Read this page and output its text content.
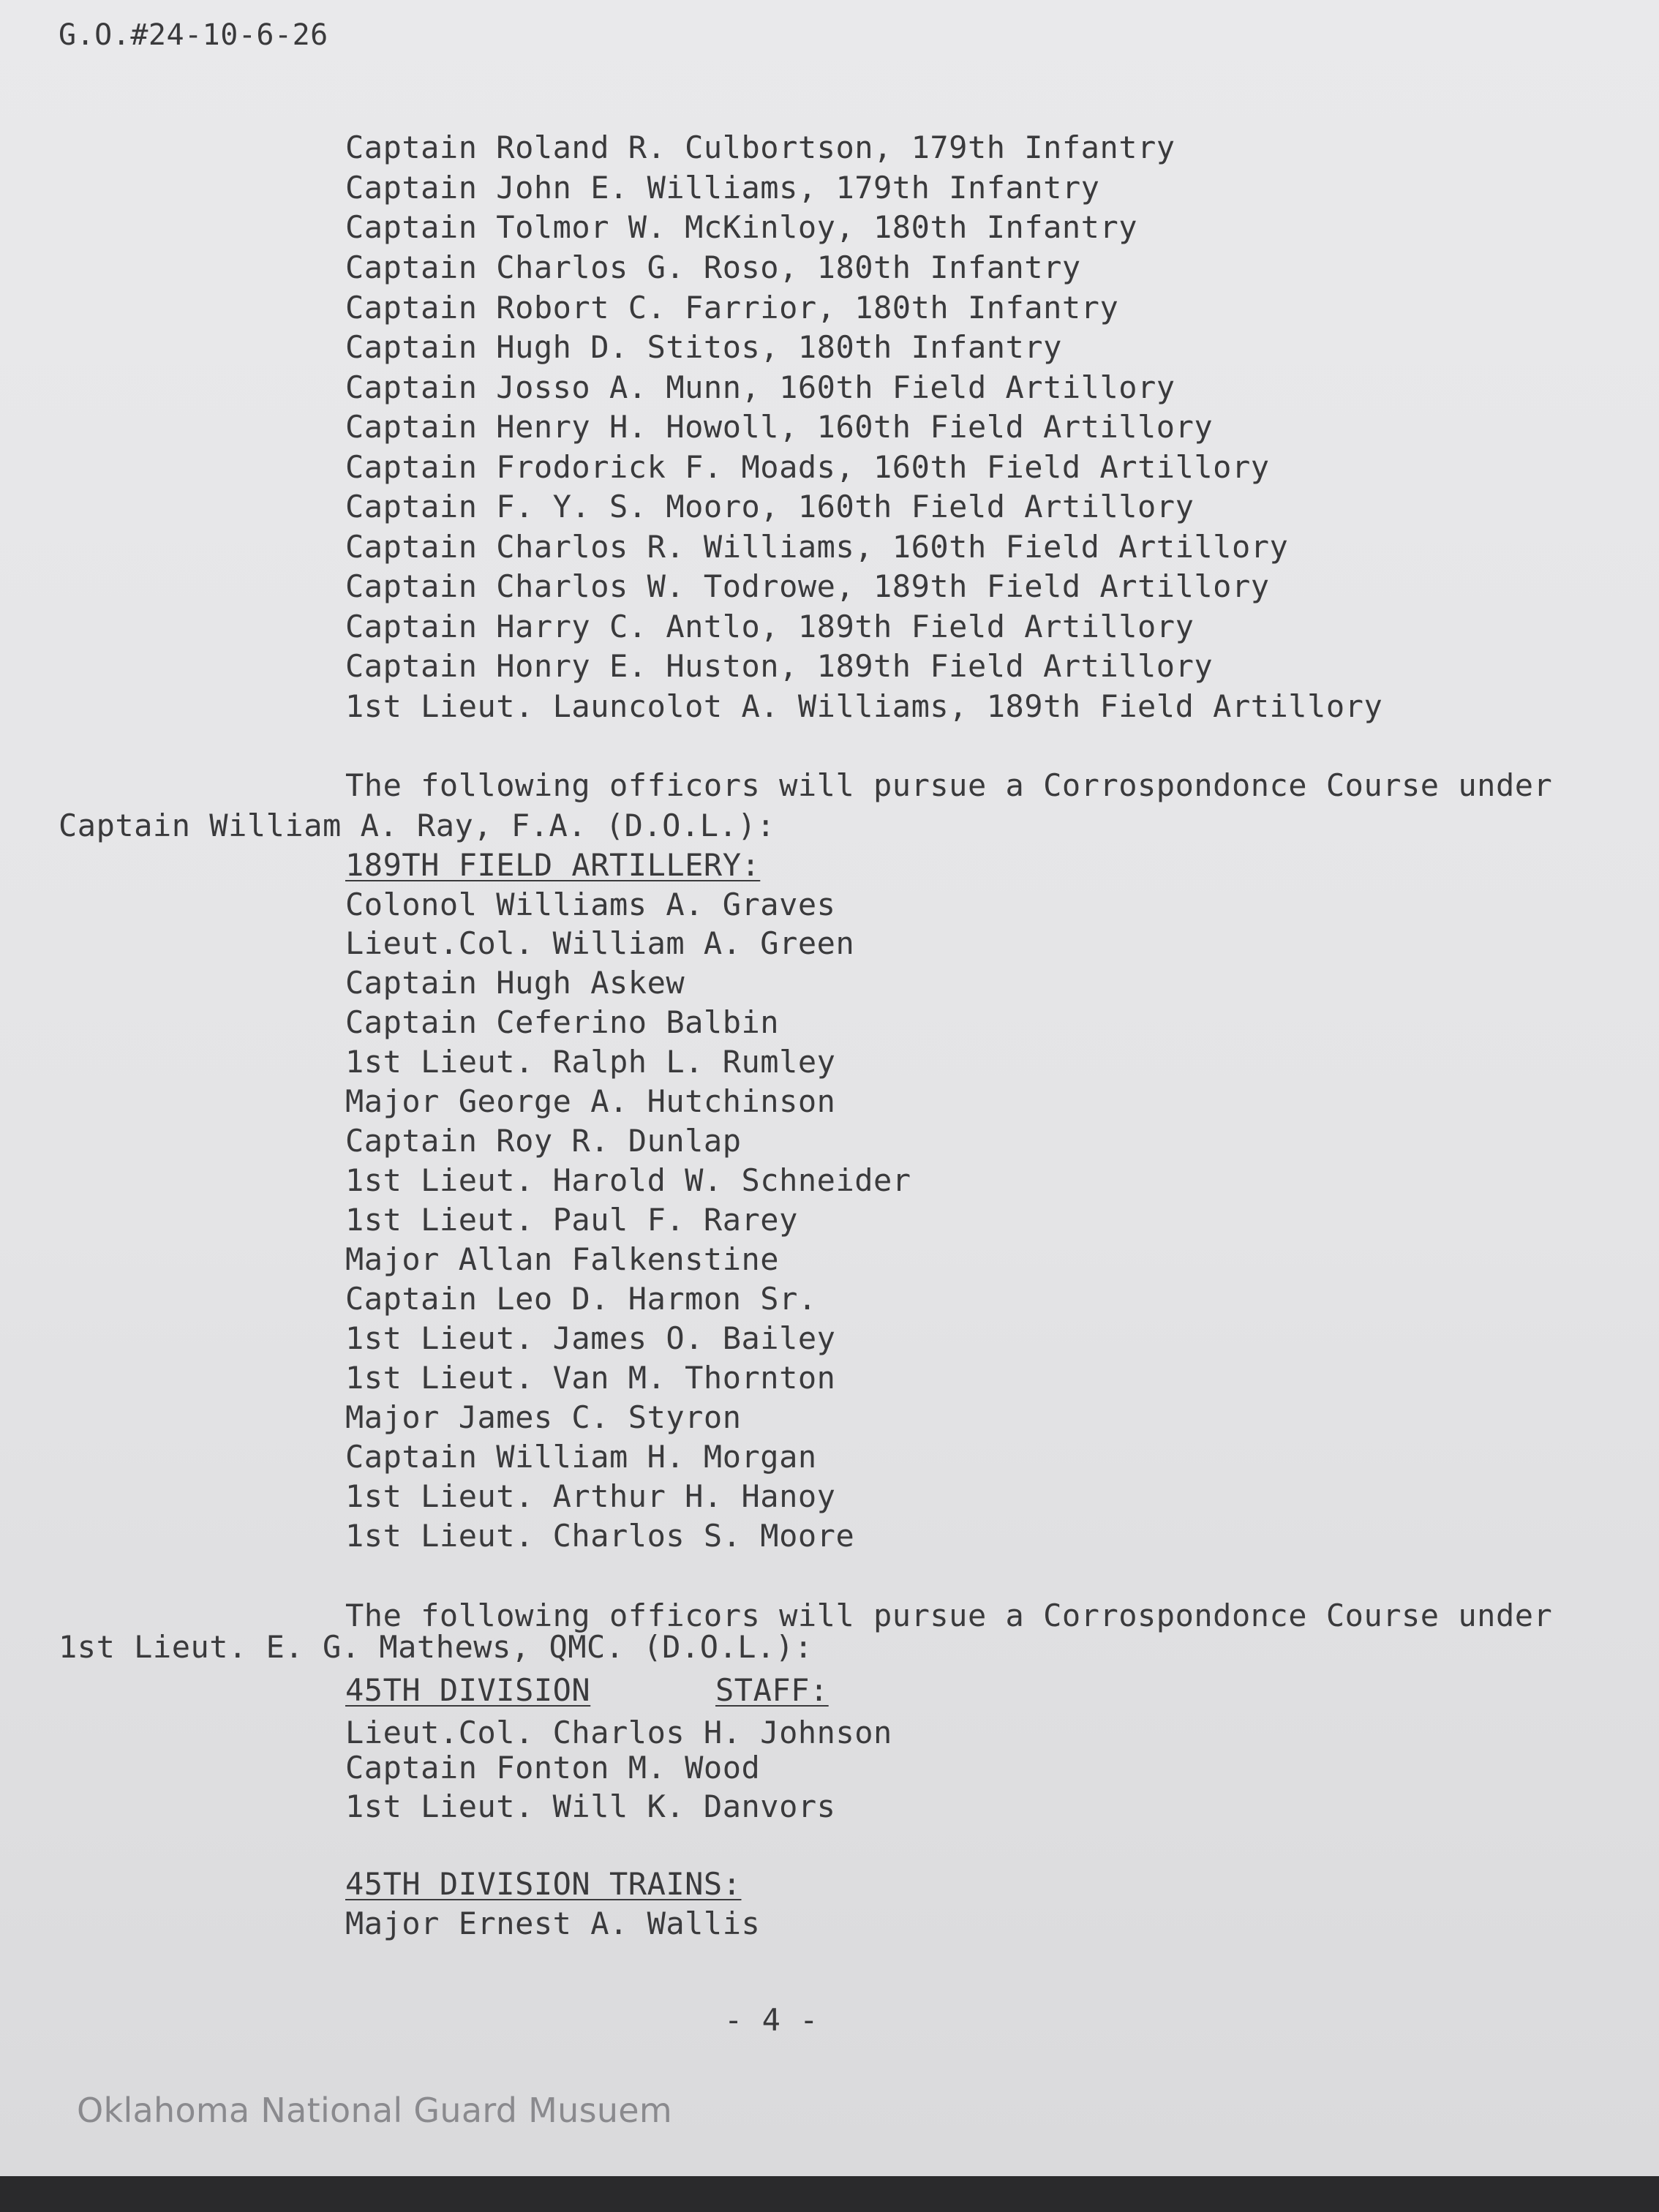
G.O.#24-10-6-26
Captain Roland R. Culbortson, 179th Infantry
Captain John E. Williams, 179th Infantry
Captain Tolmor W. McKinloy, 180th Infantry
Captain Charlos G. Roso, 180th Infantry
Captain Robort C. Farrior, 180th Infantry
Captain Hugh D. Stitos, 180th Infantry
Captain Josso A. Munn, 160th Field Artillory
Captain Henry H. Howoll, 160th Field Artillory
Captain Frodorick F. Moads, 160th Field Artillory
Captain F. Y. S. Mooro, 160th Field Artillory
Captain Charlos R. Williams, 160th Field Artillory
Captain Charlos W. Todrowe, 189th Field Artillory
Captain Harry C. Antlo, 189th Field Artillory
Captain Honry E. Huston, 189th Field Artillory
1st Lieut. Launcolot A. Williams, 189th Field Artillory
The following officors will pursue a Corrospondonce Course under
Captain William A. Ray, F.A. (D.O.L.):
189TH FIELD ARTILLERY:
Colonol Williams A. Graves
Lieut.Col. William A. Green
Captain Hugh Askew
Captain Ceferino Balbin
1st Lieut. Ralph L. Rumley
Major George A. Hutchinson
Captain Roy R. Dunlap
1st Lieut. Harold W. Schneider
1st Lieut. Paul F. Rarey
Major Allan Falkenstine
Captain Leo D. Harmon Sr.
1st Lieut. James O. Bailey
1st Lieut. Van M. Thornton
Major James C. Styron
Captain William H. Morgan
1st Lieut. Arthur H. Hanoy
1st Lieut. Charlos S. Moore
The following officors will pursue a Corrospondonce Course under
1st Lieut. E. G. Mathews, QMC. (D.O.L.):
45TH DIVISION	STAFF:
Lieut.Col. Charlos H. Johnson
Captain Fonton M. Wood
1st Lieut. Will K. Danvors
45TH DIVISION TRAINS:
Major Ernest A. Wallis
- 4 -
Oklahoma National Guard Musuem
